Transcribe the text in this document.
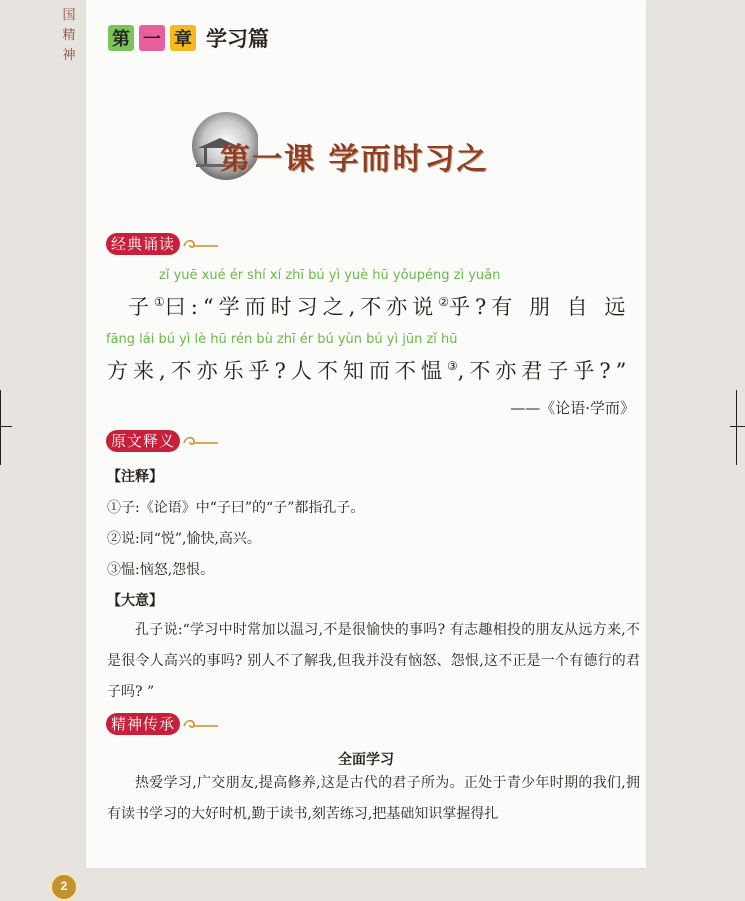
国
精
神
第 一 章 学习篇
第一课 学而时习之
经典诵读
zǐ yuē xué ér shí xí zhī bú yì yuè hū yǒupéng zì yuǎn
子①曰:“学而时习之,不亦说②乎?有 朋 自 远
fāng lái bú yì lè hū rén bù zhī ér bú yùn bú yì jūn zǐ hū
方来,不亦乐乎?人不知而不愠③,不亦君子乎?”
——《论语·学而》
原文释义
【注释】
①子:《论语》中“子曰”的“子”都指孔子。
②说:同“悦”,愉快,高兴。
③愠:恼怒,怨恨。
【大意】
孔子说:“学习中时常加以温习,不是很愉快的事吗? 有志趣相投的朋友从远方来,不是很令人高兴的事吗? 别人不了解我,但我并没有恼怒、怨恨,这不正是一个有德行的君子吗? ”
精神传承
全面学习
热爱学习,广交朋友,提高修养,这是古代的君子所为。正处于青少年时期的我们,拥有读书学习的大好时机,勤于读书,刻苦练习,把基础知识掌握得扎
2
